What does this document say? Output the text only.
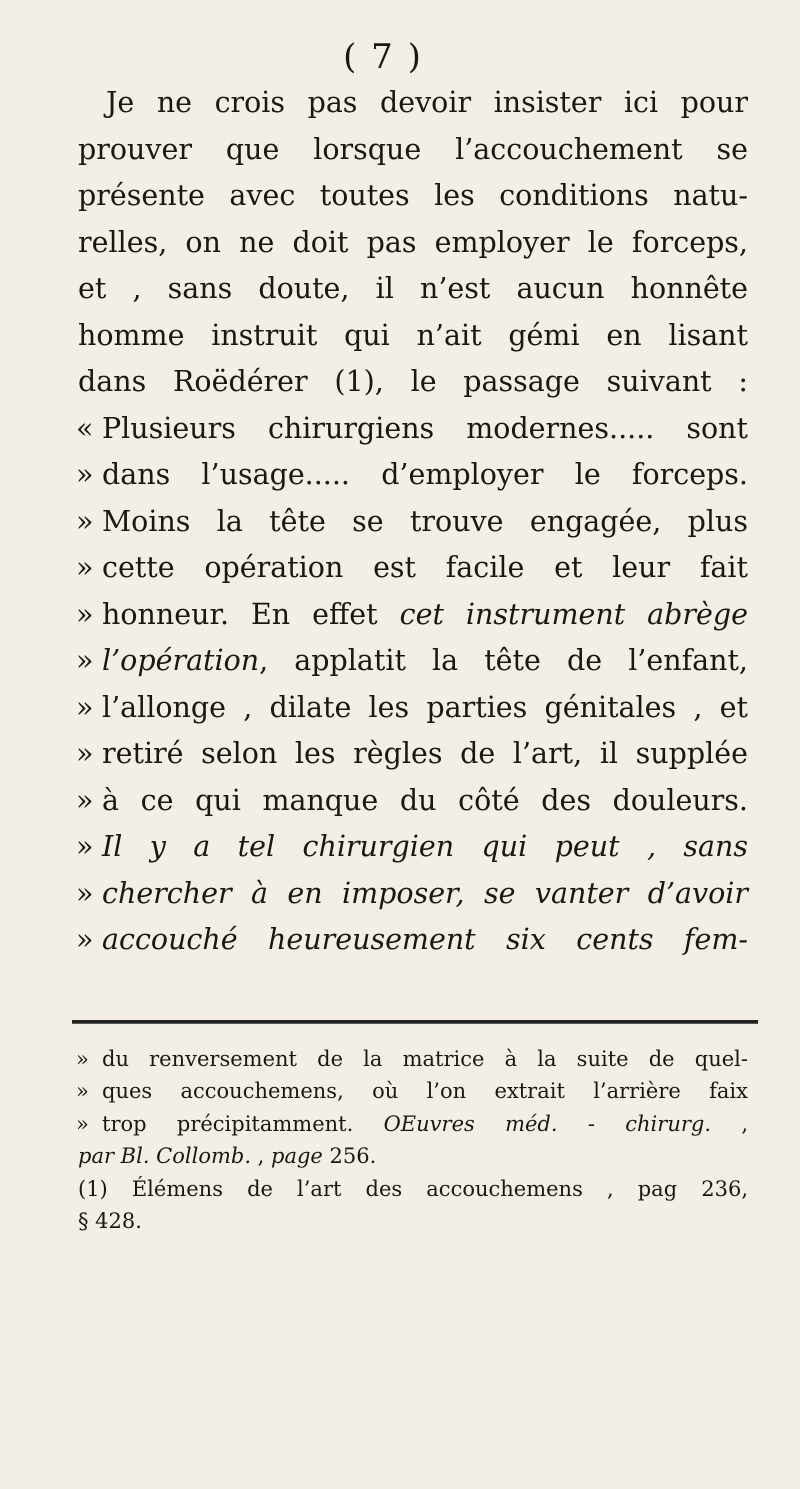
( 7 )
Je ne crois pas devoir insister ici pour
prouver que lorsque l’accouchement se
présente avec toutes les conditions natu-
relles, on ne doit pas employer le forceps,
et , sans doute, il n’est aucun honnête
homme instruit qui n’ait gémi en lisant
dans Roëdérer (1), le passage suivant :
« Plusieurs chirurgiens modernes..... sont
» dans l’usage..... d’employer le forceps.
» Moins la tête se trouve engagée, plus
» cette opération est facile et leur fait
» honneur. En effet cet instrument abrège
» l’opération, applatit la tête de l’enfant,
» l’allonge , dilate les parties génitales , et
» retiré selon les règles de l’art, il supplée
» à ce qui manque du côté des douleurs.
» Il y a tel chirurgien qui peut , sans
» chercher à en imposer, se vanter d’avoir
» accouché heureusement six cents fem-
» du renversement de la matrice à la suite de quel-
» ques accouchemens, où l’on extrait l’arrière faix
» trop précipitamment. OEuvres méd. - chirurg. ,
par Bl. Collomb. , page 256.
(1) Élémens de l’art des accouchemens , pag 236,
§ 428.
